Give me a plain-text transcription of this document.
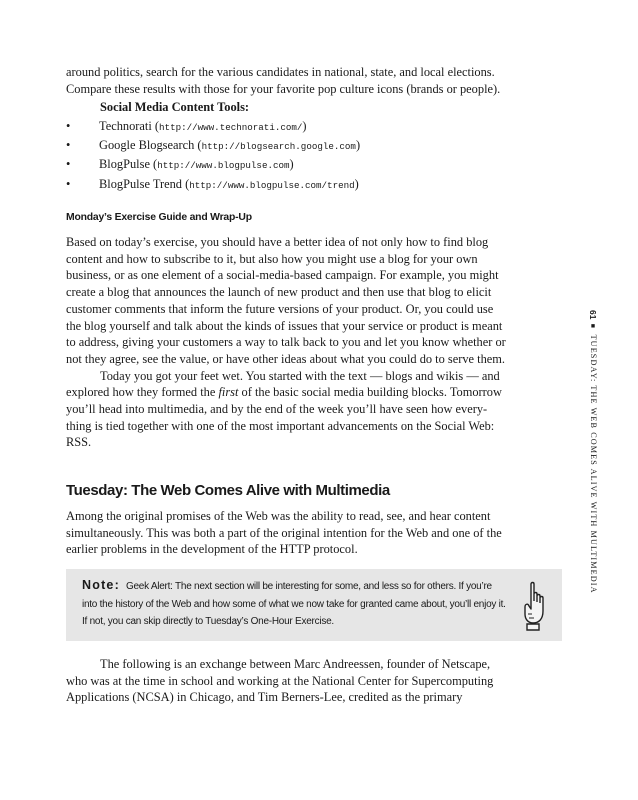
around politics, search for the various candidates in national, state, and local elections. Compare these results with those for your favorite pop culture icons (brands or people).
Social Media Content Tools:
• Technorati (http://www.technorati.com/)
• Google Blogsearch (http://blogsearch.google.com)
• BlogPulse (http://www.blogpulse.com)
• BlogPulse Trend (http://www.blogpulse.com/trend)
Monday’s Exercise Guide and Wrap-Up
Based on today’s exercise, you should have a better idea of not only how to find blog content and how to subscribe to it, but also how you might use a blog for your own business, or as one element of a social-media-based campaign. For example, you might create a blog that announces the launch of new product and then use that blog to elicit customer comments that inform the future versions of your product. Or, you could use the blog yourself and talk about the kinds of issues that your service or product is meant to address, giving your customers a way to talk back to you and let you know whether or not they agree, see the value, or have other ideas about what you could do to serve them.
Today you got your feet wet. You started with the text — blogs and wikis — and explored how they formed the first of the basic social media building blocks. Tomorrow you’ll head into multimedia, and by the end of the week you’ll have seen how everything is tied together with one of the most important advancements on the Social Web: RSS.
Tuesday: The Web Comes Alive with Multimedia
Among the original promises of the Web was the ability to read, see, and hear content simultaneously. This was both a part of the original intention for the Web and one of the earlier problems in the development of the HTTP protocol.
Note: Geek Alert: The next section will be interesting for some, and less so for others. If you’re into the history of the Web and how some of what we now take for granted came about, you’ll enjoy it. If not, you can skip directly to Tuesday’s One-Hour Exercise.
The following is an exchange between Marc Andreessen, founder of Netscape, who was at the time in school and working at the National Center for Supercomputing Applications (NCSA) in Chicago, and Tim Berners-Lee, credited as the primary
61■TUESDAY: THE WEB COMES ALIVE WITH MULTIMEDIA
